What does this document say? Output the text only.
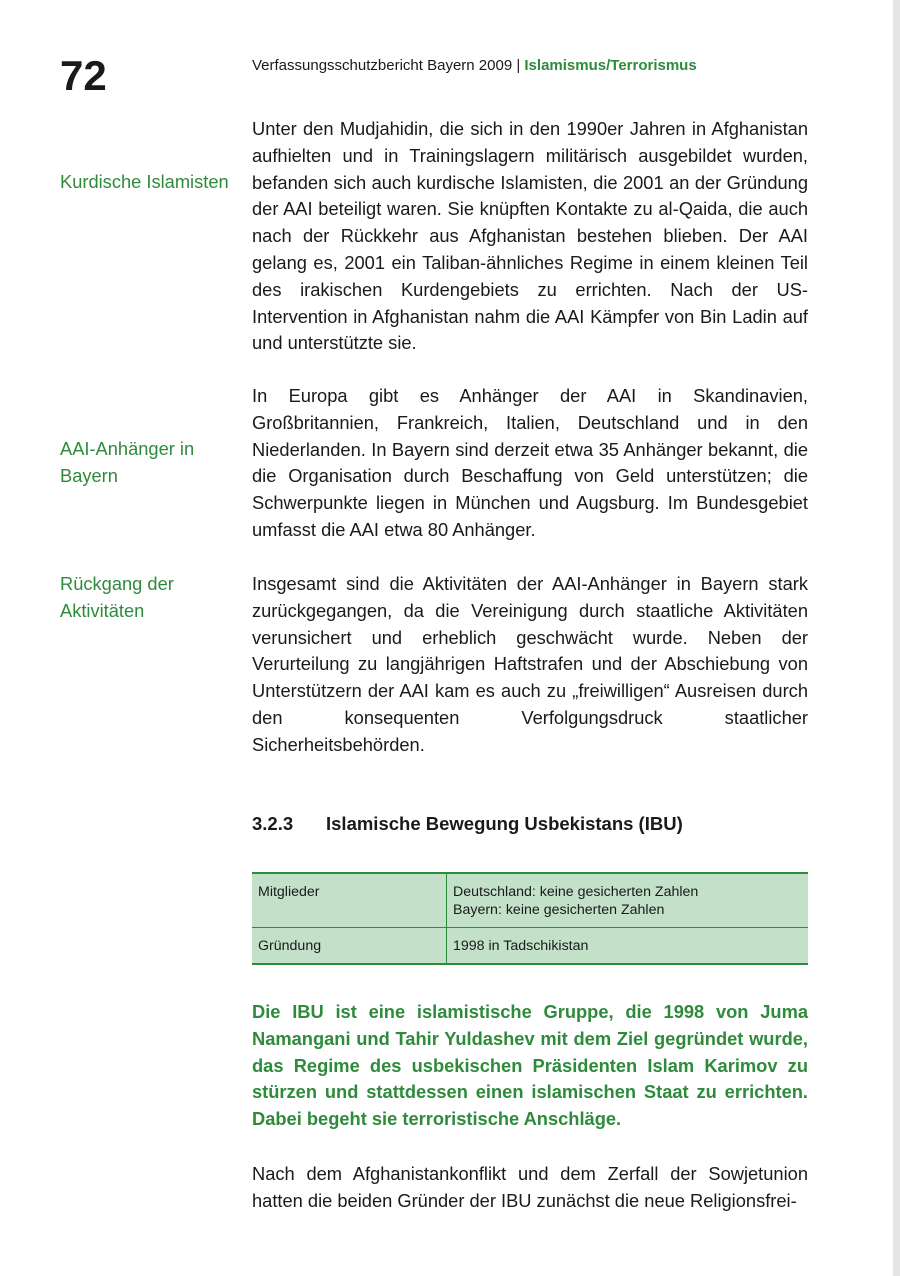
72	Verfassungsschutzbericht Bayern 2009 | Islamismus/Terrorismus

Kurdische Islamisten

Unter den Mudjahidin, die sich in den 1990er Jahren in Afghanistan aufhielten und in Trainingslagern militärisch ausgebildet wurden, befanden sich auch kurdische Islamisten, die 2001 an der Gründung der AAI beteiligt waren. Sie knüpften Kontakte zu al-Qaida, die auch nach der Rückkehr aus Afghanistan bestehen blieben. Der AAI gelang es, 2001 ein Taliban-ähnliches Regime in einem kleinen Teil des irakischen Kurdengebiets zu errichten. Nach der US-Intervention in Afghanistan nahm die AAI Kämpfer von Bin Ladin auf und unterstützte sie.

AAI-Anhänger in Bayern

In Europa gibt es Anhänger der AAI in Skandinavien, Großbritannien, Frankreich, Italien, Deutschland und in den Niederlanden. In Bayern sind derzeit etwa 35 Anhänger bekannt, die die Organisation durch Beschaffung von Geld unterstützen; die Schwerpunkte liegen in München und Augsburg. Im Bundesgebiet umfasst die AAI etwa 80 Anhänger.

Rückgang der Aktivitäten

Insgesamt sind die Aktivitäten der AAI-Anhänger in Bayern stark zurückgegangen, da die Vereinigung durch staatliche Aktivitäten verunsichert und erheblich geschwächt wurde. Neben der Verurteilung zu langjährigen Haftstrafen und der Abschiebung von Unterstützern der AAI kam es auch zu „freiwilligen“ Ausreisen durch den konsequenten Verfolgungsdruck staatlicher Sicherheitsbehörden.

3.2.3 Islamische Bewegung Usbekistans (IBU)
Mitglieder	Deutschland: keine gesicherten Zahlen
Bayern: keine gesicherten Zahlen

Gründung	1998 in Tadschikistan

Die IBU ist eine islamistische Gruppe, die 1998 von Juma Namangani und Tahir Yuldashev mit dem Ziel gegründet wurde, das Regime des usbekischen Präsidenten Islam Karimov zu stürzen und stattdessen einen islamischen Staat zu errichten. Dabei begeht sie terroristische Anschläge.

Nach dem Afghanistankonflikt und dem Zerfall der Sowjetunion hatten die beiden Gründer der IBU zunächst die neue Religionsfrei-
